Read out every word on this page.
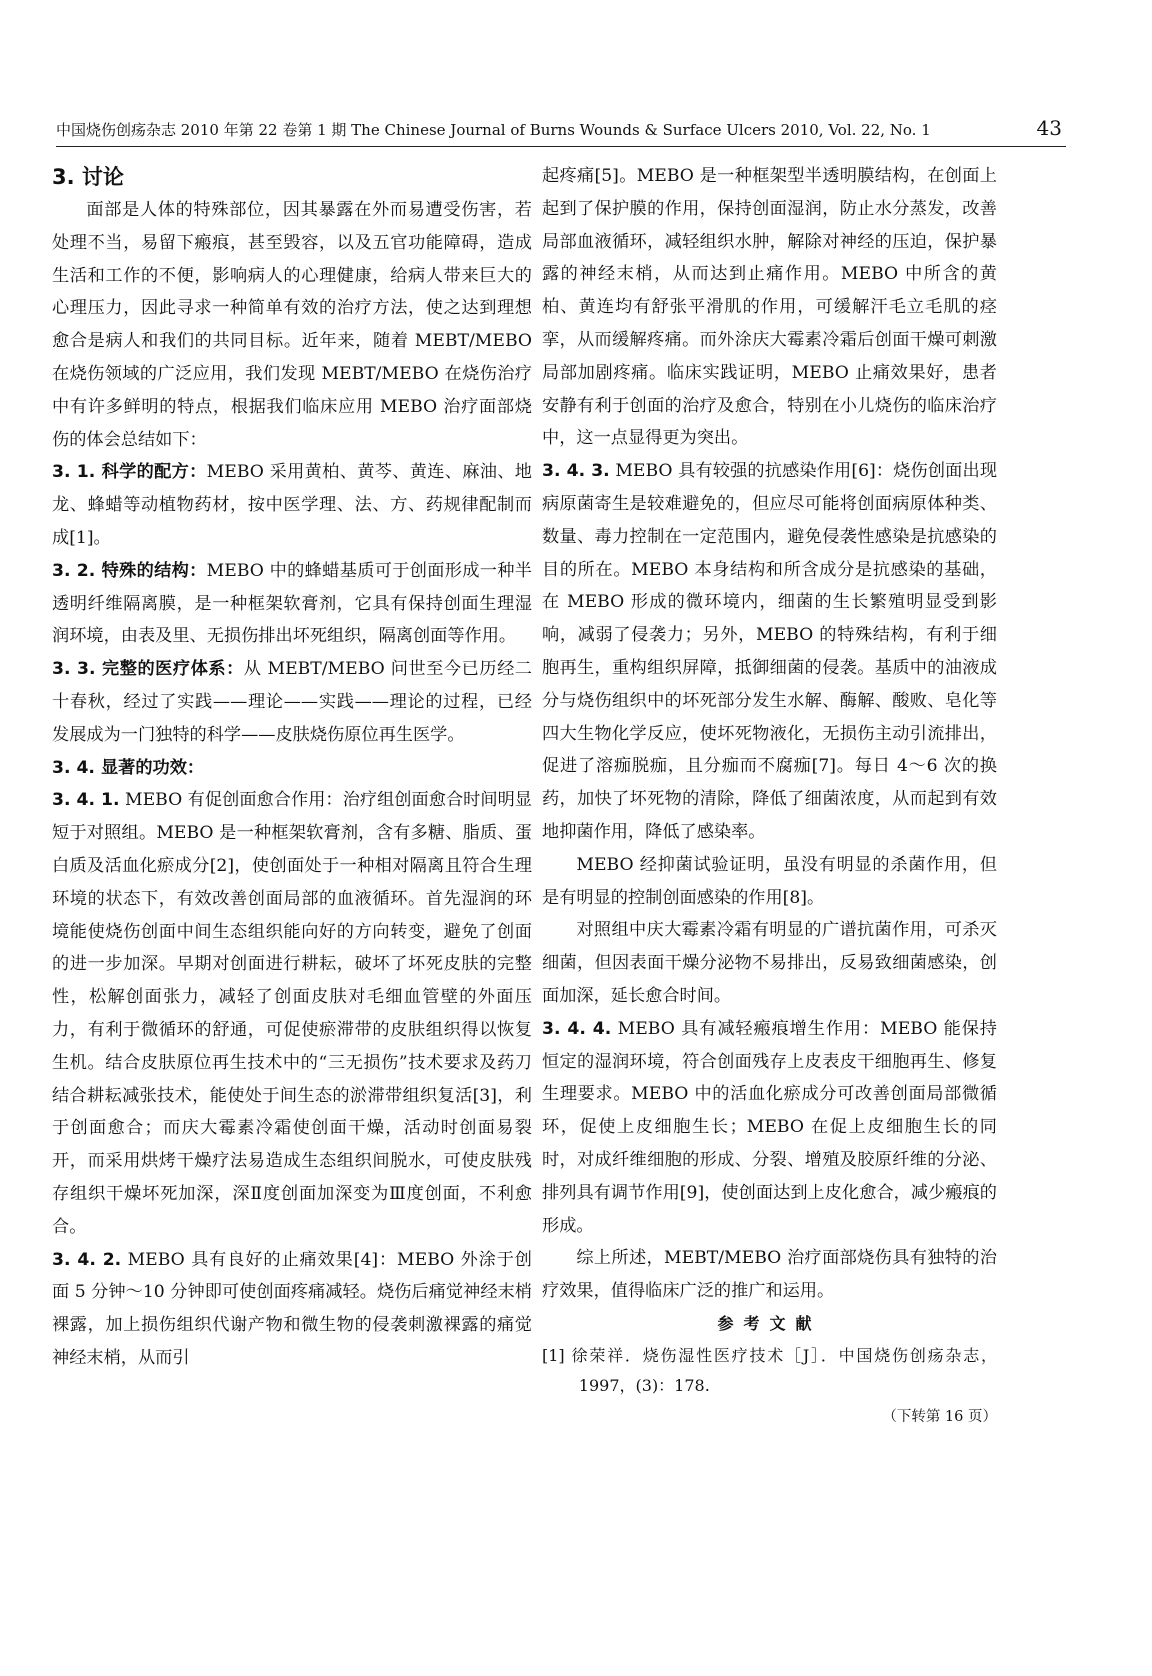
中国烧伤创疡杂志 2010 年第 22 卷第 1 期 The Chinese Journal of Burns Wounds & Surface Ulcers 2010, Vol. 22, No. 1	43

3. 讨论

面部是人体的特殊部位，因其暴露在外而易遭受伤害，若处理不当，易留下瘢痕，甚至毁容，以及五官功能障碍，造成生活和工作的不便，影响病人的心理健康，给病人带来巨大的心理压力，因此寻求一种简单有效的治疗方法，使之达到理想愈合是病人和我们的共同目标。近年来，随着 MEBT/MEBO 在烧伤领域的广泛应用，我们发现 MEBT/MEBO 在烧伤治疗中有许多鲜明的特点，根据我们临床应用 MEBO 治疗面部烧伤的体会总结如下：

3. 1. 科学的配方：MEBO 采用黄柏、黄芩、黄连、麻油、地龙、蜂蜡等动植物药材，按中医学理、法、方、药规律配制而成[1]。

3. 2. 特殊的结构：MEBO 中的蜂蜡基质可于创面形成一种半透明纤维隔离膜，是一种框架软膏剂，它具有保持创面生理湿润环境，由表及里、无损伤排出坏死组织，隔离创面等作用。

3. 3. 完整的医疗体系：从 MEBT/MEBO 问世至今已历经二十春秋，经过了实践——理论——实践——理论的过程，已经发展成为一门独特的科学——皮肤烧伤原位再生医学。

3. 4. 显著的功效：

3. 4. 1. MEBO 有促创面愈合作用：治疗组创面愈合时间明显短于对照组。MEBO 是一种框架软膏剂，含有多糖、脂质、蛋白质及活血化瘀成分[2]，使创面处于一种相对隔离且符合生理环境的状态下，有效改善创面局部的血液循环。首先湿润的环境能使烧伤创面中间生态组织能向好的方向转变，避免了创面的进一步加深。早期对创面进行耕耘，破坏了坏死皮肤的完整性，松解创面张力，减轻了创面皮肤对毛细血管壁的外面压力，有利于微循环的舒通，可促使瘀滞带的皮肤组织得以恢复生机。结合皮肤原位再生技术中的“三无损伤”技术要求及药刀结合耕耘减张技术，能使处于间生态的淤滞带组织复活[3]，利于创面愈合；而庆大霉素冷霜使创面干燥，活动时创面易裂开，而采用烘烤干燥疗法易造成生态组织间脱水，可使皮肤残存组织干燥坏死加深，深Ⅱ度创面加深变为Ⅲ度创面，不利愈合。

3. 4. 2. MEBO 具有良好的止痛效果[4]：MEBO 外涂于创面 5 分钟～10 分钟即可使创面疼痛减轻。烧伤后痛觉神经末梢裸露，加上损伤组织代谢产物和微生物的侵袭刺激裸露的痛觉神经末梢，从而引

起疼痛[5]。MEBO 是一种框架型半透明膜结构，在创面上起到了保护膜的作用，保持创面湿润，防止水分蒸发，改善局部血液循环，减轻组织水肿，解除对神经的压迫，保护暴露的神经末梢，从而达到止痛作用。MEBO 中所含的黄柏、黄连均有舒张平滑肌的作用，可缓解汗毛立毛肌的痉挛，从而缓解疼痛。而外涂庆大霉素冷霜后创面干燥可刺激局部加剧疼痛。临床实践证明，MEBO 止痛效果好，患者安静有利于创面的治疗及愈合，特别在小儿烧伤的临床治疗中，这一点显得更为突出。

3. 4. 3. MEBO 具有较强的抗感染作用[6]：烧伤创面出现病原菌寄生是较难避免的，但应尽可能将创面病原体种类、数量、毒力控制在一定范围内，避免侵袭性感染是抗感染的目的所在。MEBO 本身结构和所含成分是抗感染的基础，在 MEBO 形成的微环境内，细菌的生长繁殖明显受到影响，减弱了侵袭力；另外，MEBO 的特殊结构，有利于细胞再生，重构组织屏障，抵御细菌的侵袭。基质中的油液成分与烧伤组织中的坏死部分发生水解、酶解、酸败、皂化等四大生物化学反应，使坏死物液化，无损伤主动引流排出，促进了溶痂脱痂，且分痂而不腐痂[7]。每日 4～6 次的换药，加快了坏死物的清除，降低了细菌浓度，从而起到有效地抑菌作用，降低了感染率。

MEBO 经抑菌试验证明，虽没有明显的杀菌作用，但是有明显的控制创面感染的作用[8]。

对照组中庆大霉素冷霜有明显的广谱抗菌作用，可杀灭细菌，但因表面干燥分泌物不易排出，反易致细菌感染，创面加深，延长愈合时间。

3. 4. 4. MEBO 具有减轻瘢痕增生作用：MEBO 能保持恒定的湿润环境，符合创面残存上皮表皮干细胞再生、修复生理要求。MEBO 中的活血化瘀成分可改善创面局部微循环，促使上皮细胞生长；MEBO 在促上皮细胞生长的同时，对成纤维细胞的形成、分裂、增殖及胶原纤维的分泌、排列具有调节作用[9]，使创面达到上皮化愈合，减少瘢痕的形成。

综上所述，MEBT/MEBO 治疗面部烧伤具有独特的治疗效果，值得临床广泛的推广和运用。

参考文献

[1] 徐荣祥．烧伤湿性医疗技术［J］．中国烧伤创疡杂志，1997，(3)：178.

（下转第 16 页）
